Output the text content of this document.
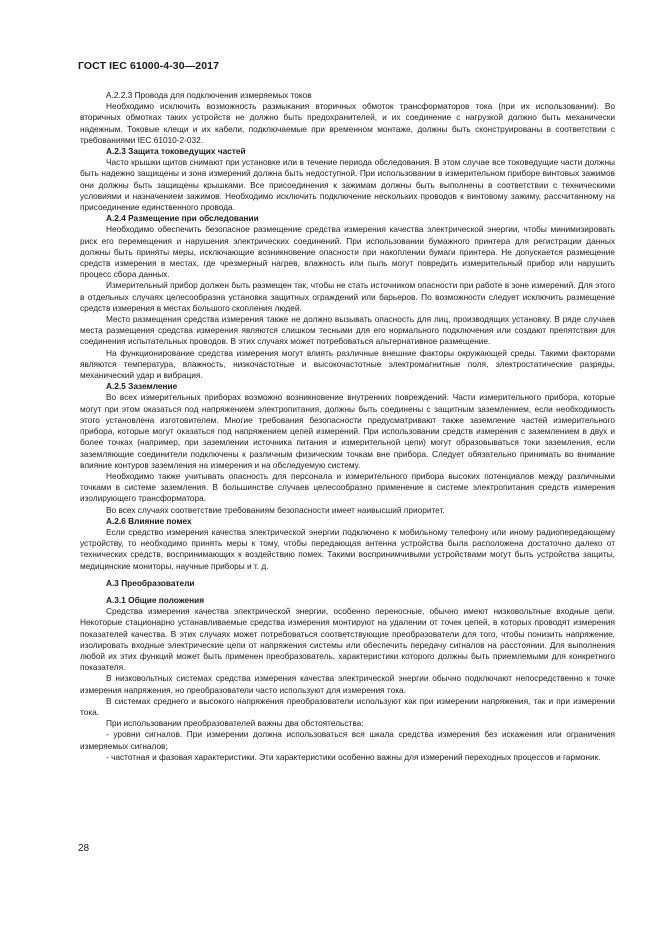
ГОСТ IEC 61000-4-30—2017

А.2.2.3 Провода для подключения измеряемых токов

Необходимо исключить возможность размыкания вторичных обмоток трансформаторов тока (при их использовании). Во вторичных обмотках таких устройств не должно быть предохранителей, и их соединение с нагрузкой должно быть механически надежным. Токовые клещи и их кабели, подключаемые при временном монтаже, должны быть сконструированы в соответствии с требованиями IEC 61010-2-032.

А.2.3 Защита токоведущих частей

Часто крышки щитов снимают при установке или в течение периода обследования. В этом случае все токоведущие части должны быть надежно защищены и зона измерений должна быть недоступной. При использовании в измерительном приборе винтовых зажимов они должны быть защищены крышками. Все присоединения к зажимам должны быть выполнены в соответствии с техническими условиями и назначением зажимов. Необходимо исключить подключение нескольких проводов к винтовому зажиму, рассчитанному на присоединение единственного провода.

А.2.4 Размещение при обследовании

Необходимо обеспечить безопасное размещение средства измерения качества электрической энергии, чтобы минимизировать риск его перемещения и нарушения электрических соединений. При использовании бумажного принтера для регистрации данных должны быть приняты меры, исключающие возникновение опасности при накоплении бумаги принтера. Не допускается размещение средств измерения в местах, где чрезмерный нагрев, влажность или пыль могут повредить измерительный прибор или нарушить процесс сбора данных.

Измерительный прибор должен быть размещен так, чтобы не стать источником опасности при работе в зоне измерений. Для этого в отдельных случаях целесообразна установка защитных ограждений или барьеров. По возможности следует исключить размещение средств измерения в местах большого скопления людей.

Место размещения средства измерения также не должно вызывать опасность для лиц, производящих установку. В ряде случаев места размещения средства измерения являются слишком тесными для его нормального подключения или создают препятствия для соединения испытательных проводов. В этих случаях может потребоваться альтернативное размещение.

На функционирование средства измерения могут влиять различные внешние факторы окружающей среды. Такими факторами являются температура, влажность, низкочастотные и высокочастотные электромагнитные поля, электростатические разряды, механический удар и вибрация.

А.2.5 Заземление

Во всех измерительных приборах возможно возникновение внутренних повреждений. Части измерительного прибора, которые могут при этом оказаться под напряжением электропитания, должны быть соединены с защитным заземлением, если необходимость этого установлена изготовителем. Многие требования безопасности предусматривают также заземление частей измерительного прибора, которые могут оказаться под напряжением цепей измерений. При использовании средств измерения с заземлением в двух и более точках (например, при заземлении источника питания и измерительной цепи) могут образовываться токи заземления, если заземляющие соединители подключены к различным физическим точкам вне прибора. Следует обязательно принимать во внимание влияние контуров заземления на измерения и на обследуемую систему.

Необходимо также учитывать опасность для персонала и измерительного прибора высоких потенциалов между различными точками в системе заземления. В большинстве случаев целесообразно применение в системе электропитания средств измерения изолирующего трансформатора.

Во всех случаях соответствие требованиям безопасности имеет наивысший приоритет.

А.2.6 Влияние помех

Если средство измерения качества электрической энергии подключено к мобильному телефону или иному радиопередающему устройству, то необходимо принять меры к тому, чтобы передающая антенна устройства была расположена достаточно далеко от технических средств, воспринимающих к воздействию помех. Такими воспринимчивыми устройствами могут быть устройства защиты, медицинские мониторы, научные приборы и т. д.

А.3 Преобразователи

А.3.1 Общие положения

Средства измерения качества электрической энергии, особенно переносные, обычно имеют низковольтные входные цепи. Некоторые стационарно устанавливаемые средства измерения монтируют на удалении от точек цепей, в которых проводят измерения показателей качества. В этих случаях может потребоваться соответствующие преобразователи для того, чтобы понизить напряжение, изолировать входные электрические цепи от напряжения системы или обеспечить передачу сигналов на расстоянии. Для выполнения любой их этих функций может быть применен преобразователь, характеристики которого должны быть приемлемыми для конкретного показателя.

В низковольтных системах средства измерения качества электрической энергии обычно подключают непосредственно к точке измерения напряжения, но преобразователи часто используют для измерения тока.

В системах среднего и высокого напряжения преобразователи используют как при измерении напряжения, так и при измерении тока.

При использовании преобразователей важны два обстоятельства:

- уровни сигналов. При измерении должна использоваться вся шкала средства измерения без искажения или ограничения измеряемых сигналов;

- частотная и фазовая характеристики. Эти характеристики особенно важны для измерений переходных процессов и гармоник.

28
